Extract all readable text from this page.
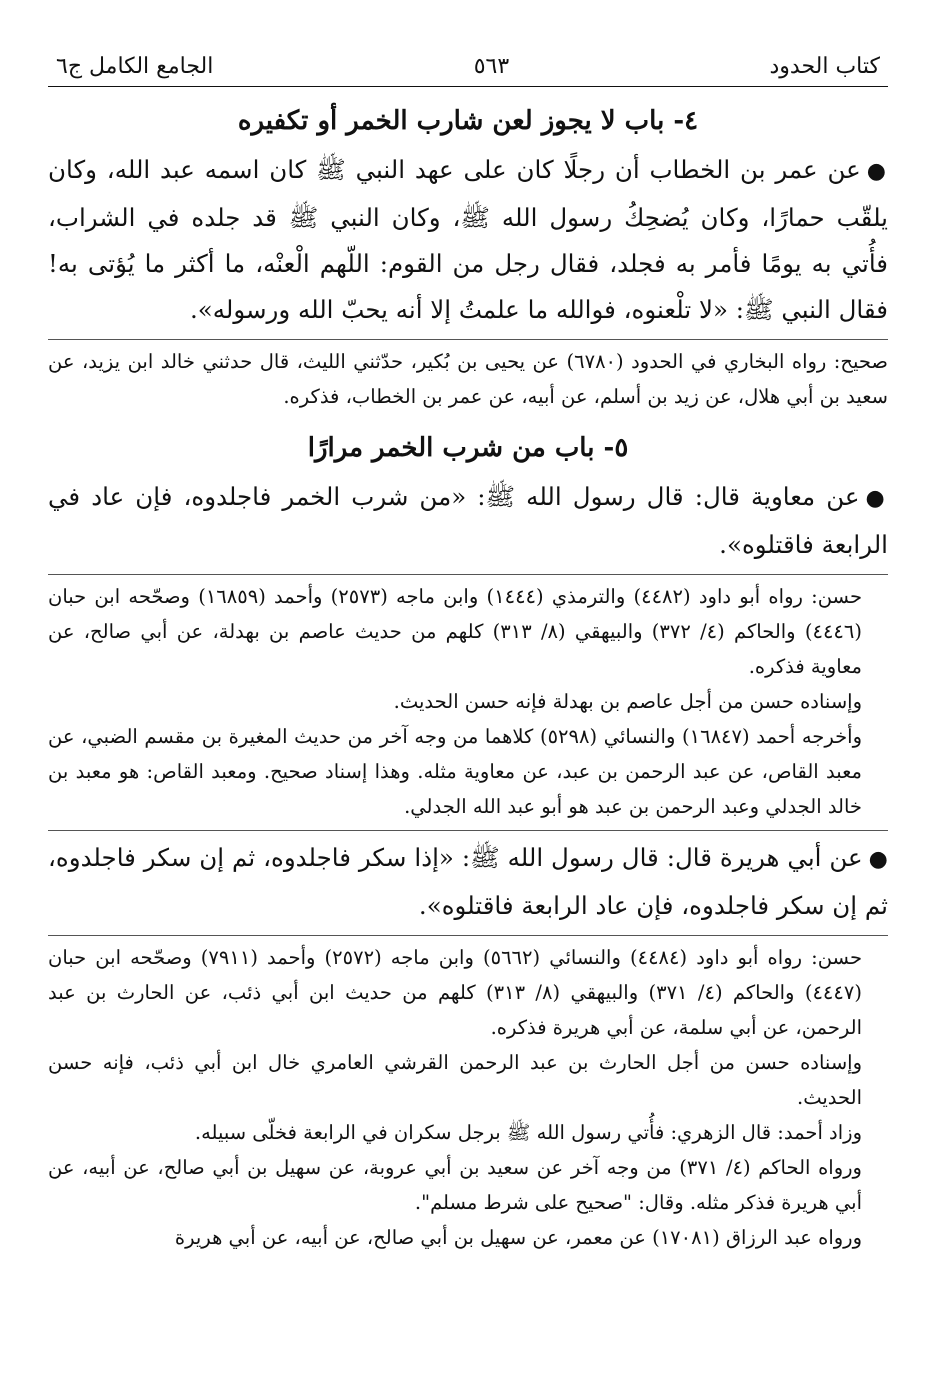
كتاب الحدود
٥٦٣
الجامع الكامل ج٦
٤- باب لا يجوز لعن شارب الخمر أو تكفيره

●عن عمر بن الخطاب أن رجلًا كان على عهد النبي ﷺ كان اسمه عبد الله، وكان يلقّب حمارًا، وكان يُضحِكُ رسول الله ﷺ، وكان النبي ﷺ قد جلده في الشراب، فأُتي به يومًا فأمر به فجلد، فقال رجل من القوم: اللّهم الْعنْه، ما أكثر ما يُؤتى به! فقال النبي ﷺ: «لا تلْعنوه، فوالله ما علمتُ إلا أنه يحبّ الله ورسوله».

صحيح: رواه البخاري في الحدود (٦٧٨٠) عن يحيى بن بُكير، حدّثني الليث، قال حدثني خالد ابن يزيد، عن سعيد بن أبي هلال، عن زيد بن أسلم، عن أبيه، عن عمر بن الخطاب، فذكره.

٥- باب من شرب الخمر مرارًا

●عن معاوية قال: قال رسول الله ﷺ: «من شرب الخمر فاجلدوه، فإن عاد في الرابعة فاقتلوه».

حسن: رواه أبو داود (٤٤٨٢) والترمذي (١٤٤٤) وابن ماجه (٢٥٧٣) وأحمد (١٦٨٥٩) وصحّحه ابن حبان (٤٤٤٦) والحاكم (٤/ ٣٧٢) والبيهقي (٨/ ٣١٣) كلهم من حديث عاصم بن بهدلة، عن أبي صالح، عن معاوية فذكره.

وإسناده حسن من أجل عاصم بن بهدلة فإنه حسن الحديث.

وأخرجه أحمد (١٦٨٤٧) والنسائي (٥٢٩٨) كلاهما من وجه آخر من حديث المغيرة بن مقسم الضبي، عن معبد القاص، عن عبد الرحمن بن عبد، عن معاوية مثله. وهذا إسناد صحيح. ومعبد القاص: هو معبد بن خالد الجدلي وعبد الرحمن بن عبد هو أبو عبد الله الجدلي.

●عن أبي هريرة قال: قال رسول الله ﷺ: «إذا سكر فاجلدوه، ثم إن سكر فاجلدوه، ثم إن سكر فاجلدوه، فإن عاد الرابعة فاقتلوه».

حسن: رواه أبو داود (٤٤٨٤) والنسائي (٥٦٦٢) وابن ماجه (٢٥٧٢) وأحمد (٧٩١١) وصحّحه ابن حبان (٤٤٤٧) والحاكم (٤/ ٣٧١) والبيهقي (٨/ ٣١٣) كلهم من حديث ابن أبي ذئب، عن الحارث بن عبد الرحمن، عن أبي سلمة، عن أبي هريرة فذكره.

وإسناده حسن من أجل الحارث بن عبد الرحمن القرشي العامري خال ابن أبي ذئب، فإنه حسن الحديث.

وزاد أحمد: قال الزهري: فأُتي رسول الله ﷺ برجل سكران في الرابعة فخلّى سبيله.

ورواه الحاكم (٤/ ٣٧١) من وجه آخر عن سعيد بن أبي عروبة، عن سهيل بن أبي صالح، عن أبيه، عن أبي هريرة فذكر مثله. وقال: "صحيح على شرط مسلم".

ورواه عبد الرزاق (١٧٠٨١) عن معمر، عن سهيل بن أبي صالح، عن أبيه، عن أبي هريرة
